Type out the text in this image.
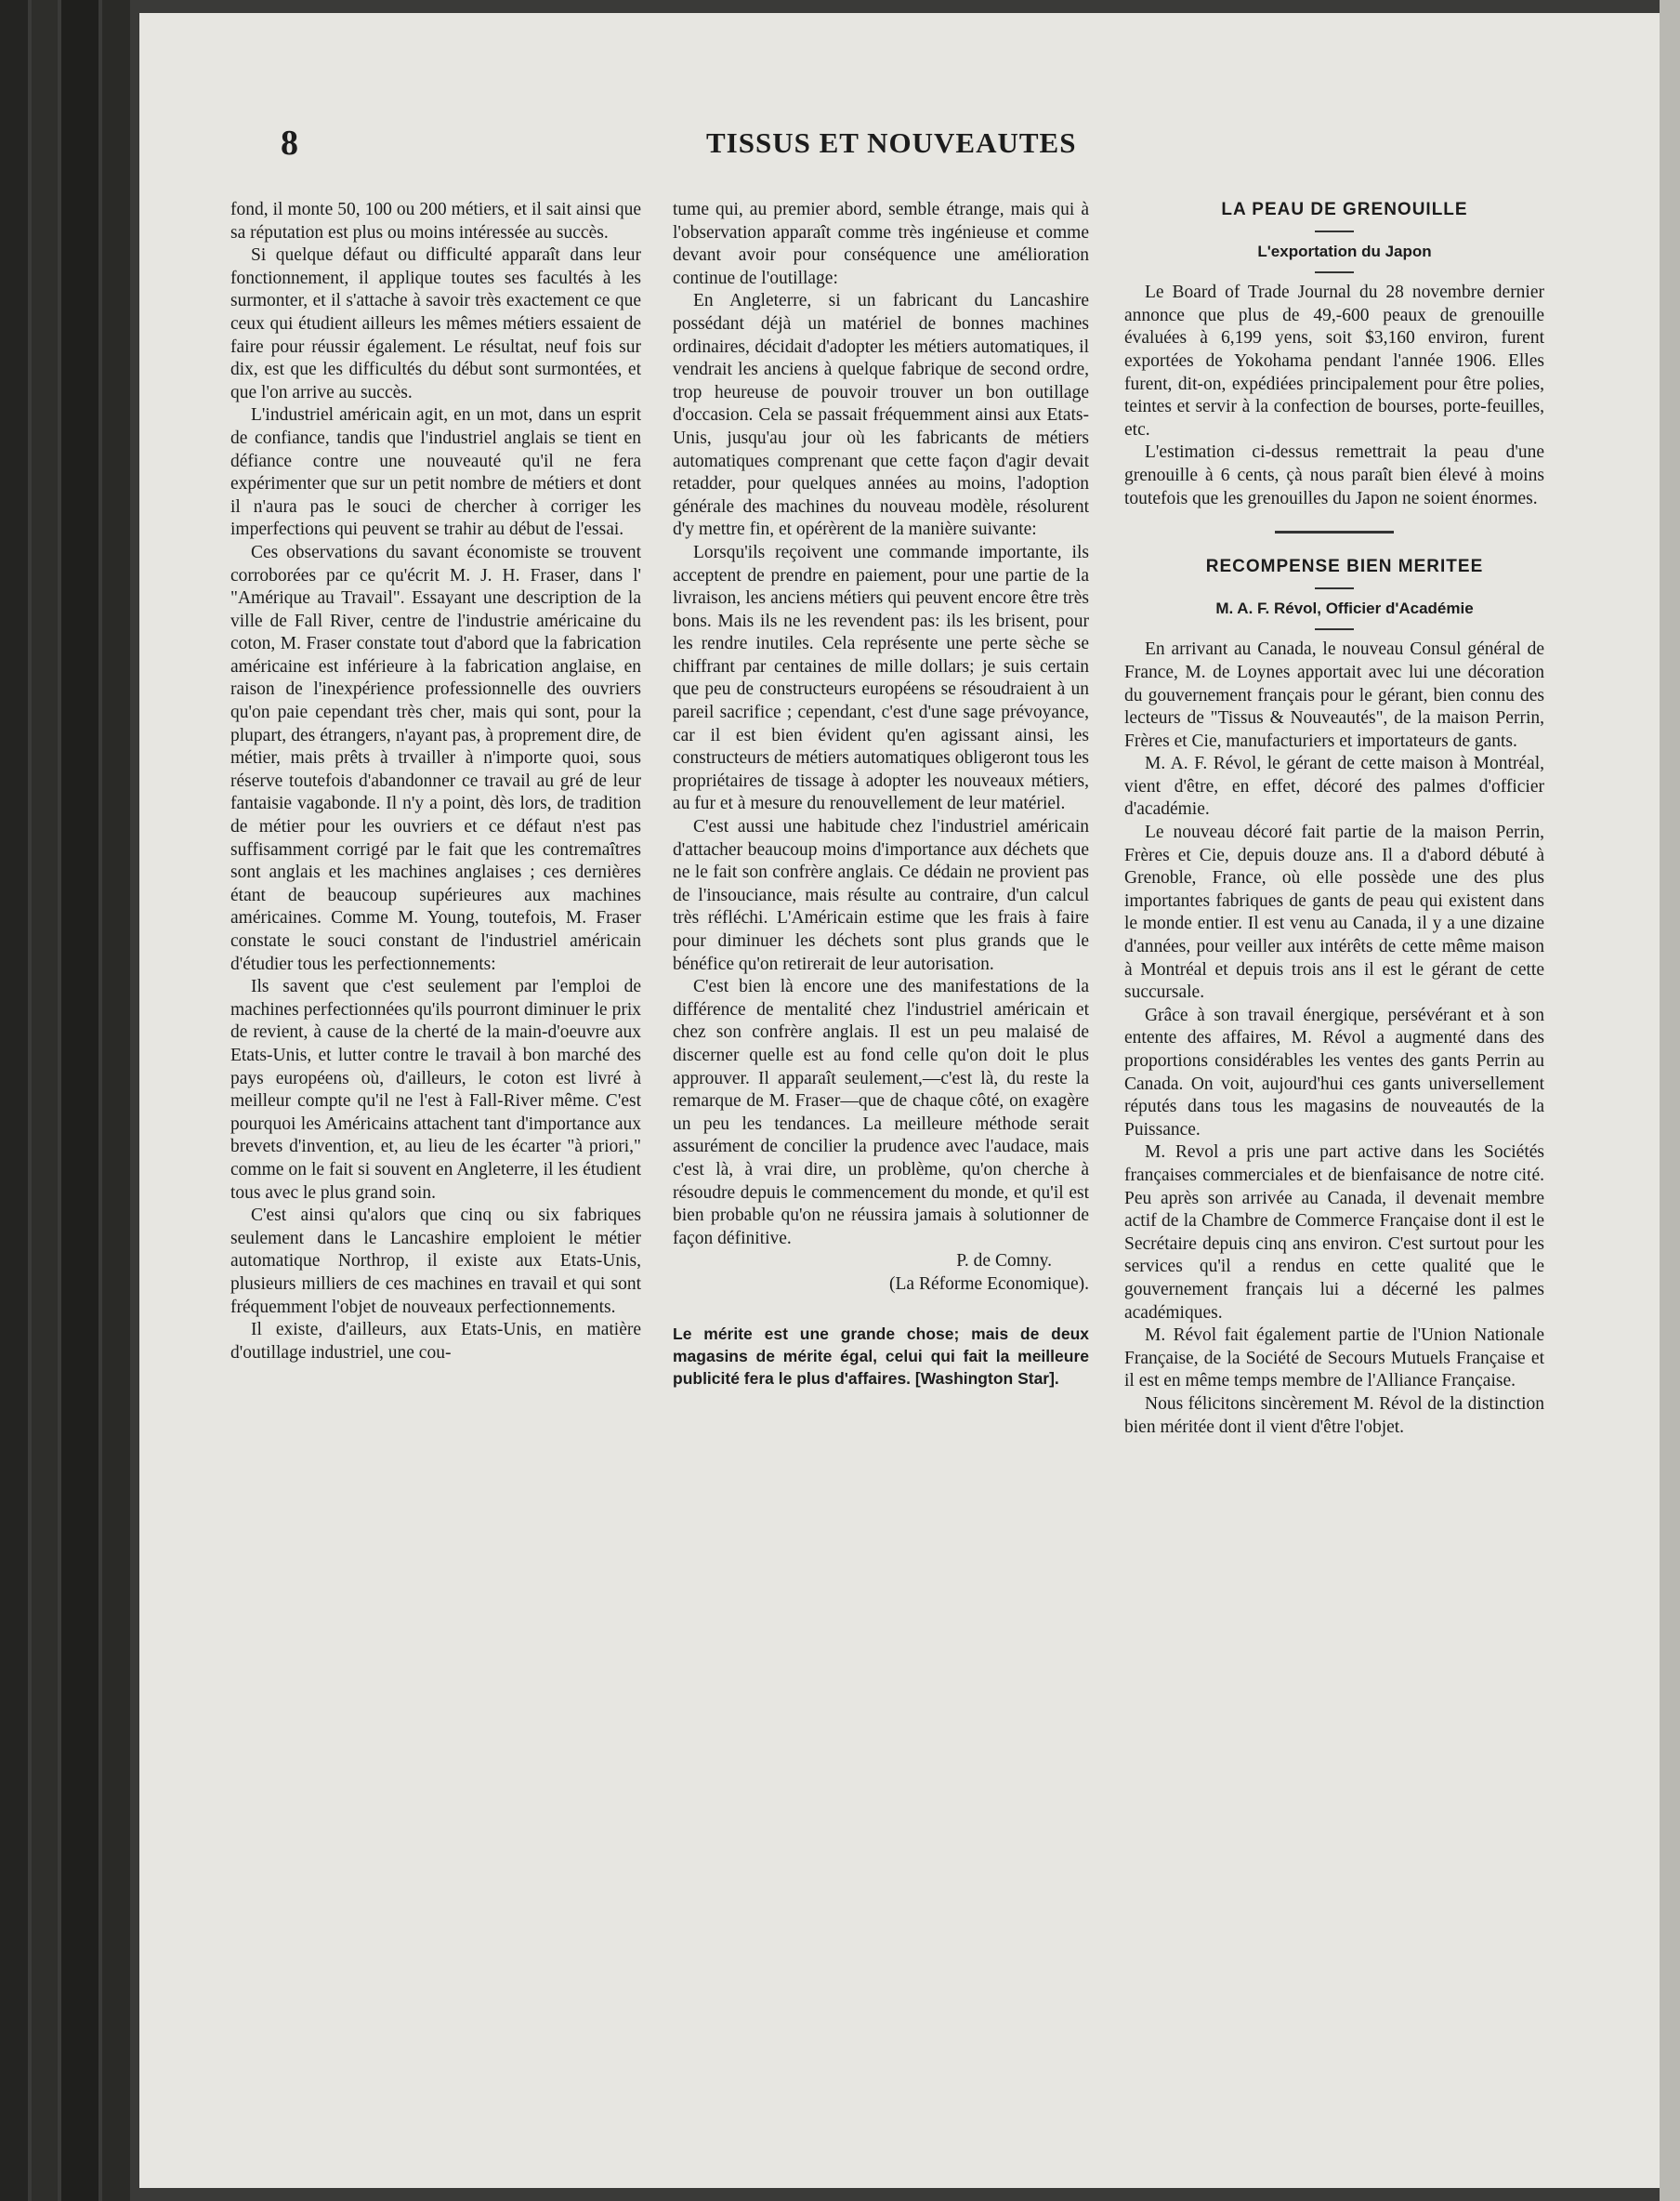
8	TISSUS ET NOUVEAUTES

fond, il monte 50, 100 ou 200 métiers, et il sait ainsi que sa réputation est plus ou moins intéressée au succès.

Si quelque défaut ou difficulté apparaît dans leur fonctionnement, il applique toutes ses facultés à les surmonter, et il s'attache à savoir très exactement ce que ceux qui étudient ailleurs les mêmes métiers essaient de faire pour réussir également. Le résultat, neuf fois sur dix, est que les difficultés du début sont surmontées, et que l'on arrive au succès.

L'industriel américain agit, en un mot, dans un esprit de confiance, tandis que l'industriel anglais se tient en défiance contre une nouveauté qu'il ne fera expérimenter que sur un petit nombre de métiers et dont il n'aura pas le souci de chercher à corriger les imperfections qui peuvent se trahir au début de l'essai.

Ces observations du savant économiste se trouvent corroborées par ce qu'écrit M. J. H. Fraser, dans l' "Amérique au Travail". Essayant une description de la ville de Fall River, centre de l'industrie américaine du coton, M. Fraser constate tout d'abord que la fabrication américaine est inférieure à la fabrication anglaise, en raison de l'inexpérience professionnelle des ouvriers qu'on paie cependant très cher, mais qui sont, pour la plupart, des étrangers, n'ayant pas, à proprement dire, de métier, mais prêts à trvailler à n'importe quoi, sous réserve toutefois d'abandonner ce travail au gré de leur fantaisie vagabonde. Il n'y a point, dès lors, de tradition de métier pour les ouvriers et ce défaut n'est pas suffisamment corrigé par le fait que les contremaîtres sont anglais et les machines anglaises ; ces dernières étant de beaucoup supérieures aux machines américaines. Comme M. Young, toutefois, M. Fraser constate le souci constant de l'industriel américain d'étudier tous les perfectionnements:

Ils savent que c'est seulement par l'emploi de machines perfectionnées qu'ils pourront diminuer le prix de revient, à cause de la cherté de la main-d'oeuvre aux Etats-Unis, et lutter contre le travail à bon marché des pays européens où, d'ailleurs, le coton est livré à meilleur compte qu'il ne l'est à Fall-River même. C'est pourquoi les Américains attachent tant d'importance aux brevets d'invention, et, au lieu de les écarter "à priori," comme on le fait si souvent en Angleterre, il les étudient tous avec le plus grand soin.

C'est ainsi qu'alors que cinq ou six fabriques seulement dans le Lancashire emploient le métier automatique Northrop, il existe aux Etats-Unis, plusieurs milliers de ces machines en travail et qui sont fréquemment l'objet de nouveaux perfectionnements.

Il existe, d'ailleurs, aux Etats-Unis, en matière d'outillage industriel, une cou-

tume qui, au premier abord, semble étrange, mais qui à l'observation apparaît comme très ingénieuse et comme devant avoir pour conséquence une amélioration continue de l'outillage:

En Angleterre, si un fabricant du Lancashire possédant déjà un matériel de bonnes machines ordinaires, décidait d'adopter les métiers automatiques, il vendrait les anciens à quelque fabrique de second ordre, trop heureuse de pouvoir trouver un bon outillage d'occasion. Cela se passait fréquemment ainsi aux Etats-Unis, jusqu'au jour où les fabricants de métiers automatiques comprenant que cette façon d'agir devait retadder, pour quelques années au moins, l'adoption générale des machines du nouveau modèle, résolurent d'y mettre fin, et opérèrent de la manière suivante:

Lorsqu'ils reçoivent une commande importante, ils acceptent de prendre en paiement, pour une partie de la livraison, les anciens métiers qui peuvent encore être très bons. Mais ils ne les revendent pas: ils les brisent, pour les rendre inutiles. Cela représente une perte sèche se chiffrant par centaines de mille dollars; je suis certain que peu de constructeurs européens se résoudraient à un pareil sacrifice ; cependant, c'est d'une sage prévoyance, car il est bien évident qu'en agissant ainsi, les constructeurs de métiers automatiques obligeront tous les propriétaires de tissage à adopter les nouveaux métiers, au fur et à mesure du renouvellement de leur matériel.

C'est aussi une habitude chez l'industriel américain d'attacher beaucoup moins d'importance aux déchets que ne le fait son confrère anglais. Ce dédain ne provient pas de l'insouciance, mais résulte au contraire, d'un calcul très réfléchi. L'Américain estime que les frais à faire pour diminuer les déchets sont plus grands que le bénéfice qu'on retirerait de leur autorisation.

C'est bien là encore une des manifestations de la différence de mentalité chez l'industriel américain et chez son confrère anglais. Il est un peu malaisé de discerner quelle est au fond celle qu'on doit le plus approuver. Il apparaît seulement,—c'est là, du reste la remarque de M. Fraser—que de chaque côté, on exagère un peu les tendances. La meilleure méthode serait assurément de concilier la prudence avec l'audace, mais c'est là, à vrai dire, un problème, qu'on cherche à résoudre depuis le commencement du monde, et qu'il est bien probable qu'on ne réussira jamais à solutionner de façon définitive.

P. de Comny.

(La Réforme Economique).

Le mérite est une grande chose; mais de deux magasins de mérite égal, celui qui fait la meilleure publicité fera le plus d'affaires. [Washington Star].

LA PEAU DE GRENOUILLE

L'exportation du Japon

Le Board of Trade Journal du 28 novembre dernier annonce que plus de 49,-600 peaux de grenouille évaluées à 6,199 yens, soit $3,160 environ, furent exportées de Yokohama pendant l'année 1906. Elles furent, dit-on, expédiées principalement pour être polies, teintes et servir à la confection de bourses, porte-feuilles, etc.

L'estimation ci-dessus remettrait la peau d'une grenouille à 6 cents, çà nous paraît bien élevé à moins toutefois que les grenouilles du Japon ne soient énormes.

RECOMPENSE BIEN MERITEE

M. A. F. Révol, Officier d'Académie

En arrivant au Canada, le nouveau Consul général de France, M. de Loynes apportait avec lui une décoration du gouvernement français pour le gérant, bien connu des lecteurs de "Tissus & Nouveautés", de la maison Perrin, Frères et Cie, manufacturiers et importateurs de gants.

M. A. F. Révol, le gérant de cette maison à Montréal, vient d'être, en effet, décoré des palmes d'officier d'académie.

Le nouveau décoré fait partie de la maison Perrin, Frères et Cie, depuis douze ans. Il a d'abord débuté à Grenoble, France, où elle possède une des plus importantes fabriques de gants de peau qui existent dans le monde entier. Il est venu au Canada, il y a une dizaine d'années, pour veiller aux intérêts de cette même maison à Montréal et depuis trois ans il est le gérant de cette succursale.

Grâce à son travail énergique, persévérant et à son entente des affaires, M. Révol a augmenté dans des proportions considérables les ventes des gants Perrin au Canada. On voit, aujourd'hui ces gants universellement réputés dans tous les magasins de nouveautés de la Puissance.

M. Revol a pris une part active dans les Sociétés françaises commerciales et de bienfaisance de notre cité. Peu après son arrivée au Canada, il devenait membre actif de la Chambre de Commerce Française dont il est le Secrétaire depuis cinq ans environ. C'est surtout pour les services qu'il a rendus en cette qualité que le gouvernement français lui a décerné les palmes académiques.

M. Révol fait également partie de l'Union Nationale Française, de la Société de Secours Mutuels Française et il est en même temps membre de l'Alliance Française.

Nous félicitons sincèrement M. Révol de la distinction bien méritée dont il vient d'être l'objet.
